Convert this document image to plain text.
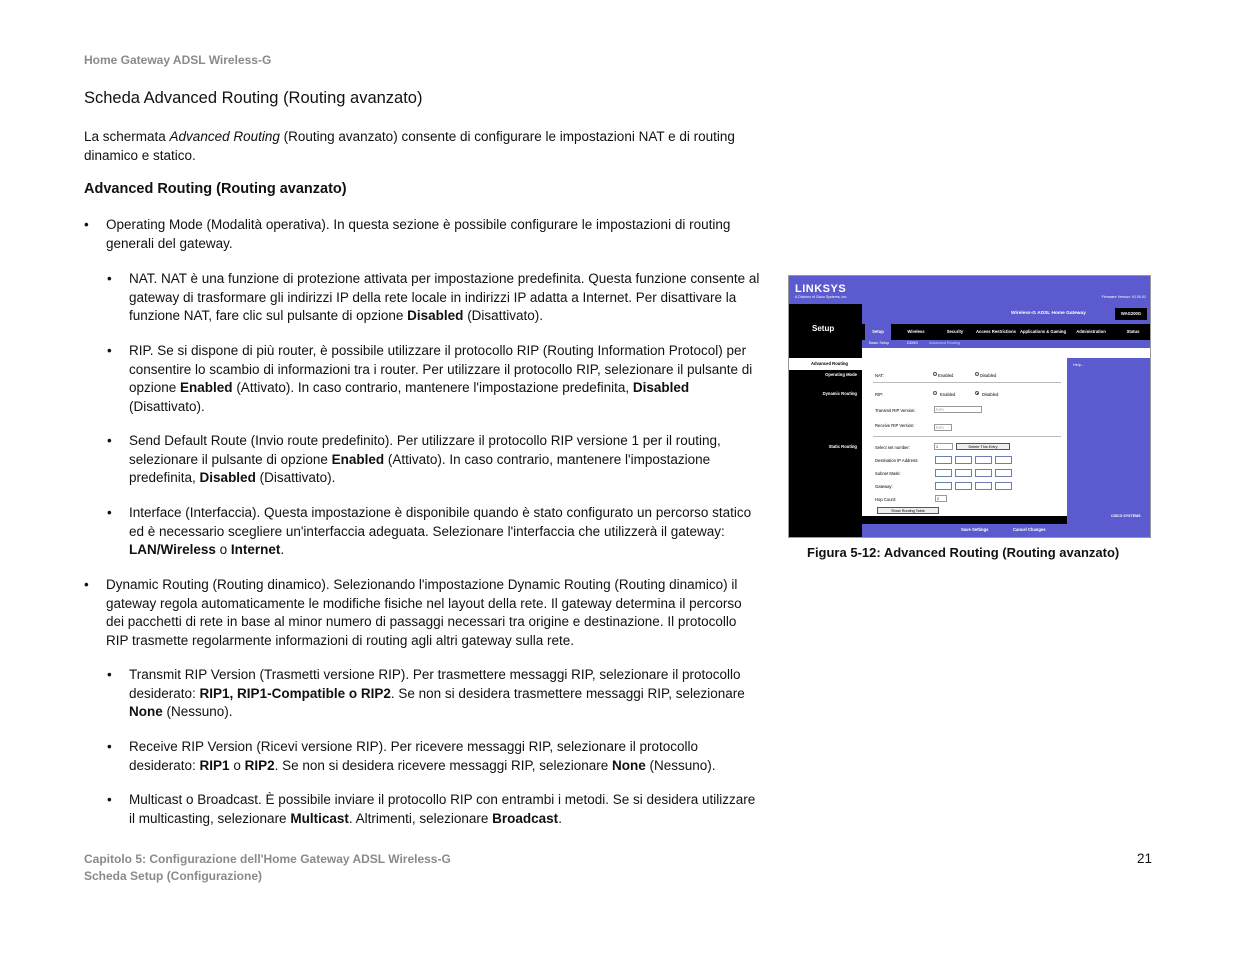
Home Gateway ADSL Wireless-G
Scheda Advanced Routing (Routing avanzato)
La schermata Advanced Routing (Routing avanzato) consente di configurare le impostazioni NAT e di routing dinamico e statico.
Advanced Routing (Routing avanzato)
• Operating Mode (Modalità operativa). In questa sezione è possibile configurare le impostazioni di routing generali del gateway.
• NAT. NAT è una funzione di protezione attivata per impostazione predefinita. Questa funzione consente al gateway di trasformare gli indirizzi IP della rete locale in indirizzi IP adatta a Internet. Per disattivare la funzione NAT, fare clic sul pulsante di opzione Disabled (Disattivato).
• RIP. Se si dispone di più router, è possibile utilizzare il protocollo RIP (Routing Information Protocol) per consentire lo scambio di informazioni tra i router. Per utilizzare il protocollo RIP, selezionare il pulsante di opzione Enabled (Attivato). In caso contrario, mantenere l'impostazione predefinita, Disabled (Disattivato).
• Send Default Route (Invio route predefinito). Per utilizzare il protocollo RIP versione 1 per il routing, selezionare il pulsante di opzione Enabled (Attivato). In caso contrario, mantenere l'impostazione predefinita, Disabled (Disattivato).
• Interface (Interfaccia). Questa impostazione è disponibile quando è stato configurato un percorso statico ed è necessario scegliere un'interfaccia adeguata. Selezionare l'interfaccia che utilizzerà il gateway: LAN/Wireless o Internet.
• Dynamic Routing (Routing dinamico). Selezionando l'impostazione Dynamic Routing (Routing dinamico) il gateway regola automaticamente le modifiche fisiche nel layout della rete. Il gateway determina il percorso dei pacchetti di rete in base al minor numero di passaggi necessari tra origine e destinazione. Il protocollo RIP trasmette regolarmente informazioni di routing agli altri gateway sulla rete.
• Transmit RIP Version (Trasmetti versione RIP). Per trasmettere messaggi RIP, selezionare il protocollo desiderato: RIP1, RIP1-Compatible o RIP2. Se non si desidera trasmettere messaggi RIP, selezionare None (Nessuno).
• Receive RIP Version (Ricevi versione RIP). Per ricevere messaggi RIP, selezionare il protocollo desiderato: RIP1 o RIP2. Se non si desidera ricevere messaggi RIP, selezionare None (Nessuno).
• Multicast o Broadcast. È possibile inviare il protocollo RIP con entrambi i metodi. Se si desidera utilizzare il multicasting, selezionare Multicast. Altrimenti, selezionare Broadcast.
LINKSYS
A Division of Cisco Systems, Inc.	Firmware Version: V1.00.01
Setup
Wireless-G ADSL Home Gateway	WAG200G
Setup	Wireless	Security	Access Restrictions Applications & Gaming	Administration	Status
Basic Setup	DDNS	Advanced Routing
Advanced Routing
Operating Mode
Dynamic Routing
Static Routing
NAT:	Enabled	Disabled
RIP:	Enabled	Disabled
Transmit RIP Version:	RIP1
Receive RIP Version:	RIP1
Select set number:	1	Delete This Entry
Destination IP Address:
Subnet Mask:
Gateway:
Hop Count:	2
Show Routing Table
Help...
CISCO SYSTEMS
Save Settings	Cancel Changes
Figura 5-12: Advanced Routing (Routing avanzato)
Capitolo 5: Configurazione dell'Home Gateway ADSL Wireless-G
Scheda Setup (Configurazione)
21
